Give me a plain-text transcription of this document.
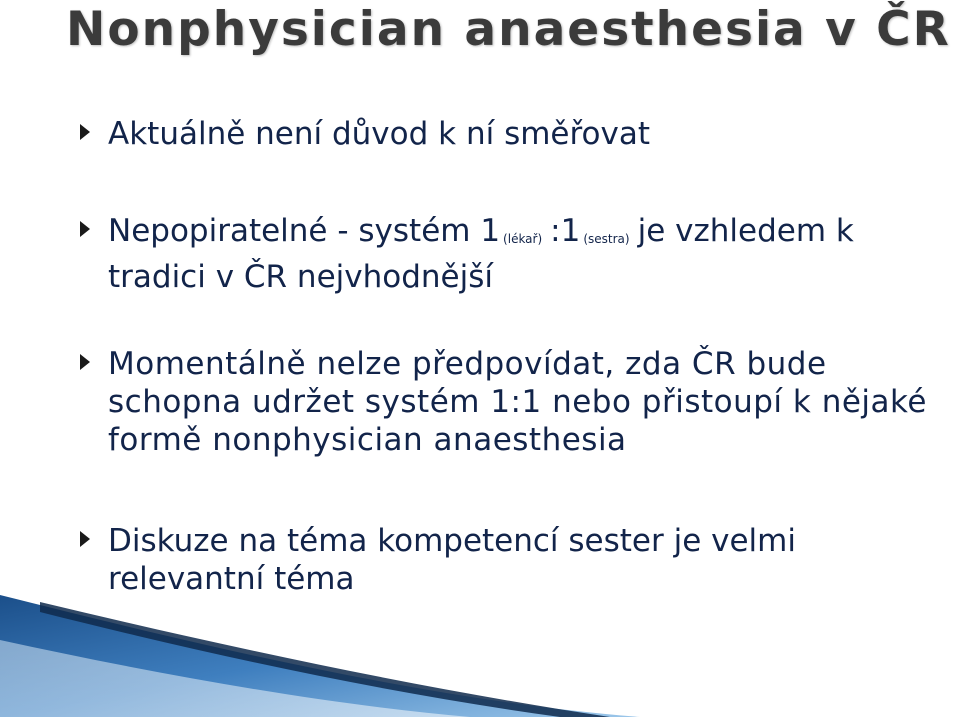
Nonphysician anaesthesia v ČR
Aktuálně není důvod k ní směřovat
Nepopiratelné - systém 1 (lékař) :1 (sestra) je vzhledem k
tradici v ČR nejvhodnější
Momentálně nelze předpovídat, zda ČR bude
schopna udržet systém 1:1 nebo přistoupí k nějaké
formě nonphysician anaesthesia
Diskuze na téma kompetencí sester je velmi
relevantní téma
